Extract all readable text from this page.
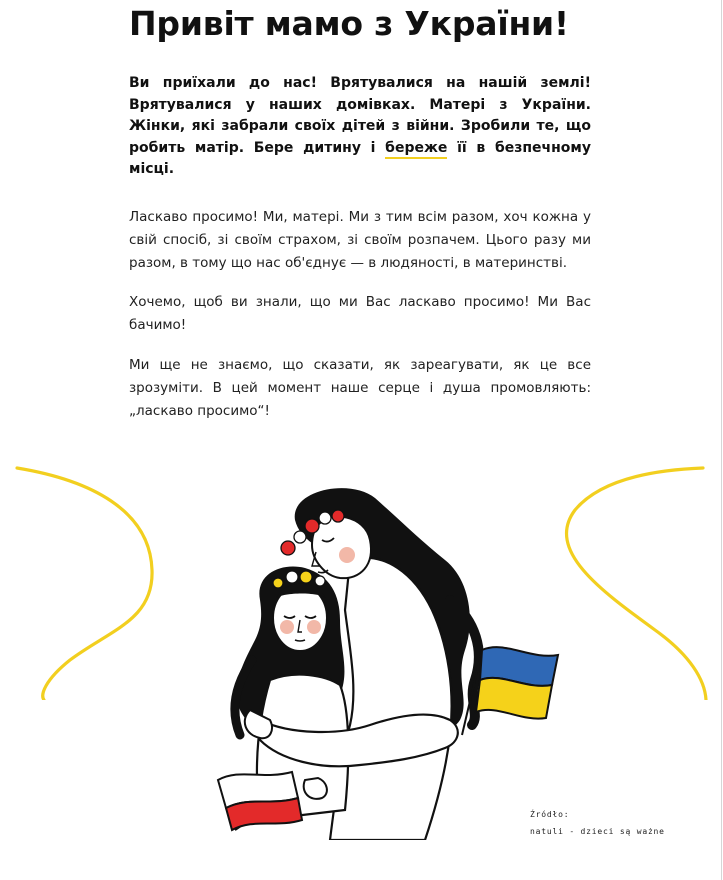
Привіт мамо з України!

Ви приїхали до нас! Врятувалися на нашій землі! Врятувалися у наших домівках. Матері з України. Жінки, які забрали своїх дітей з війни. Зробили те, що робить матір. Бере дитину і береже її в безпечному місці.

Ласкаво просимо! Ми, матері. Ми з тим всім разом, хоч кожна у свій спосіб, зі своїм страхом, зі своїм розпачем. Цього разу ми разом, в тому що нас об'єднує — в людяності, в материнстві.

Хочемо, щоб ви знали, що ми Вас ласкаво просимо! Ми Вас бачимо!

Ми ще не знаємо, що сказати, як зареагувати, як це все зрозуміти. В цей момент наше серце і душа промовляють: „ласкаво просимо“!

Źródło:
natuli - dzieci są ważne
